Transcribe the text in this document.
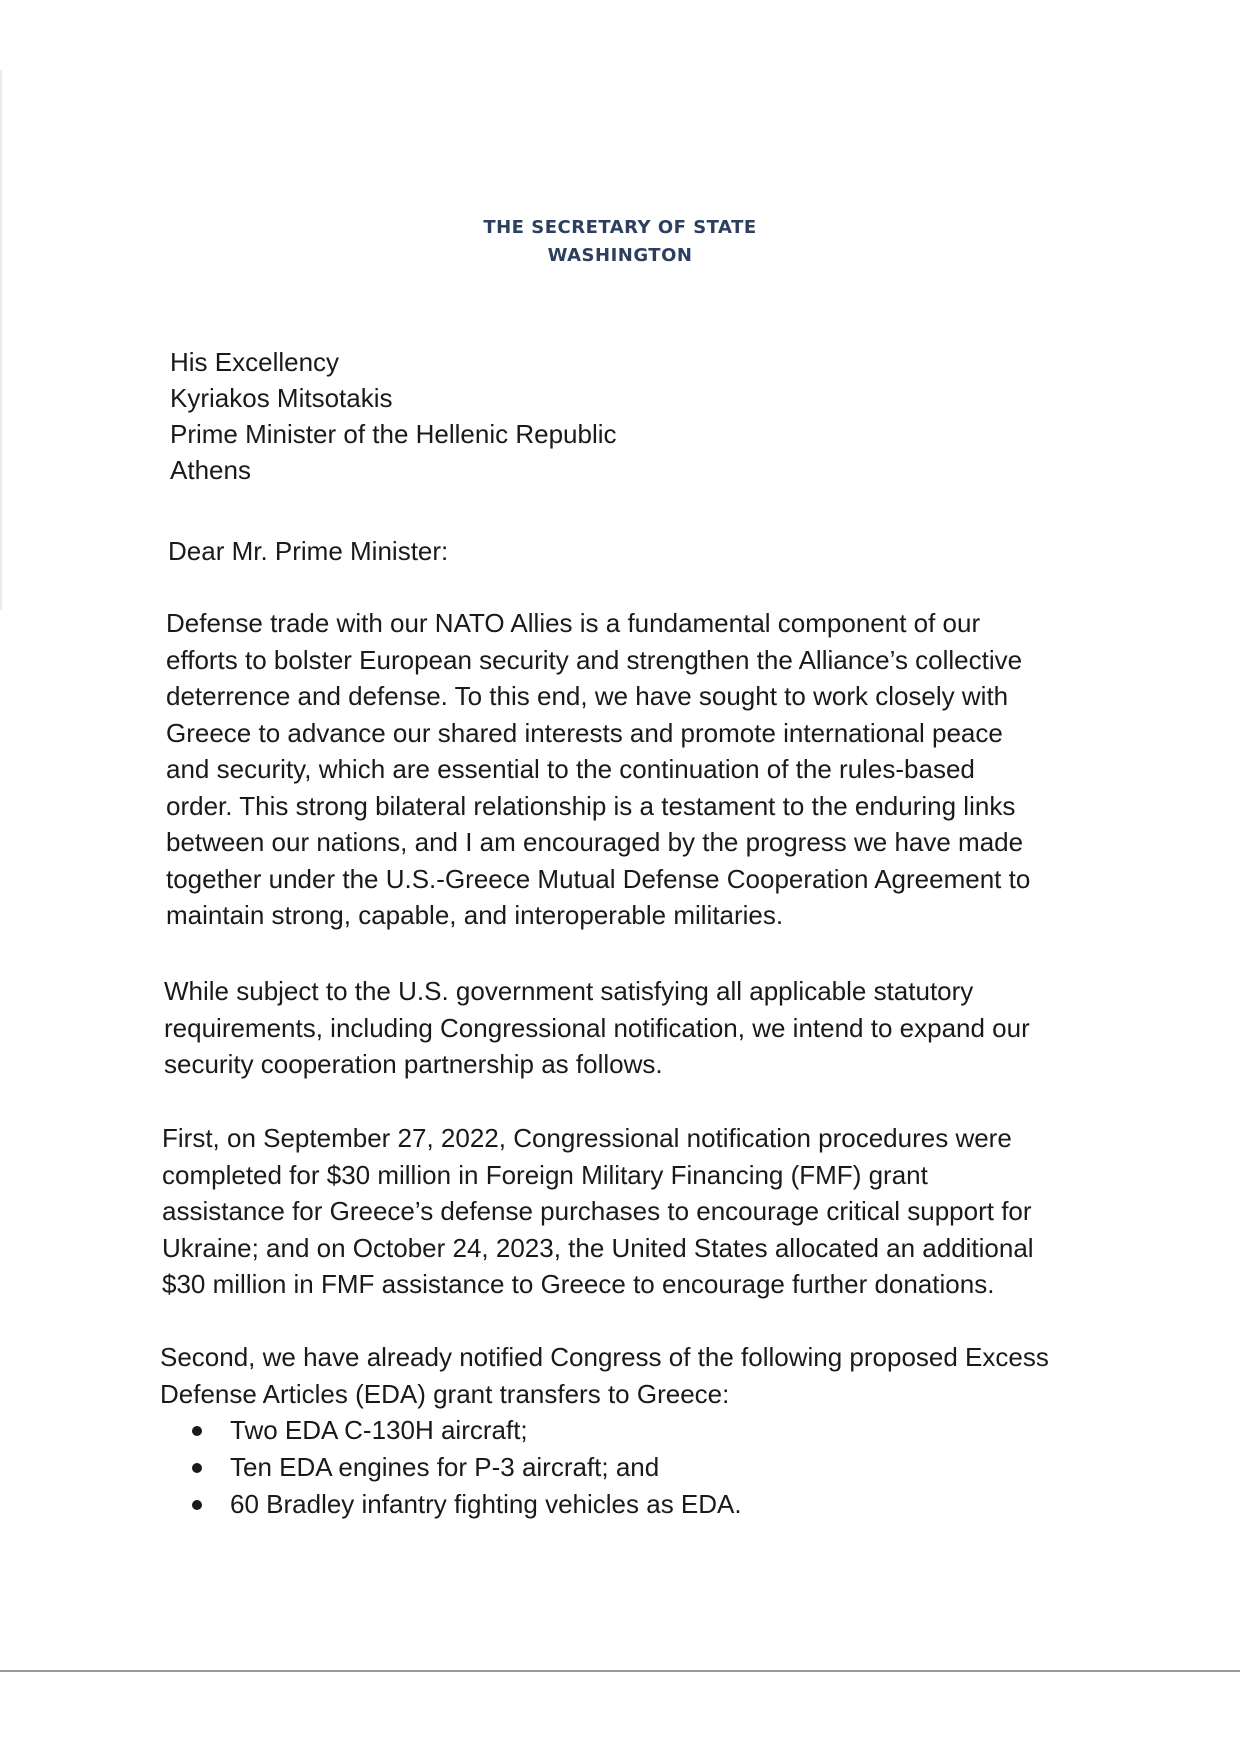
THE SECRETARY OF STATE
WASHINGTON
His Excellency
Kyriakos Mitsotakis
Prime Minister of the Hellenic Republic
Athens
Dear Mr. Prime Minister:

Defense trade with our NATO Allies is a fundamental component of our
efforts to bolster European security and strengthen the Alliance’s collective
deterrence and defense. To this end, we have sought to work closely with
Greece to advance our shared interests and promote international peace
and security, which are essential to the continuation of the rules-based
order. This strong bilateral relationship is a testament to the enduring links
between our nations, and I am encouraged by the progress we have made
together under the U.S.-Greece Mutual Defense Cooperation Agreement to
maintain strong, capable, and interoperable militaries.

While subject to the U.S. government satisfying all applicable statutory
requirements, including Congressional notification, we intend to expand our
security cooperation partnership as follows.

First, on September 27, 2022, Congressional notification procedures were
completed for $30 million in Foreign Military Financing (FMF) grant
assistance for Greece’s defense purchases to encourage critical support for
Ukraine; and on October 24, 2023, the United States allocated an additional
$30 million in FMF assistance to Greece to encourage further donations.

Second, we have already notified Congress of the following proposed Excess
Defense Articles (EDA) grant transfers to Greece:

Two EDA C-130H aircraft;
Ten EDA engines for P-3 aircraft; and
60 Bradley infantry fighting vehicles as EDA.
